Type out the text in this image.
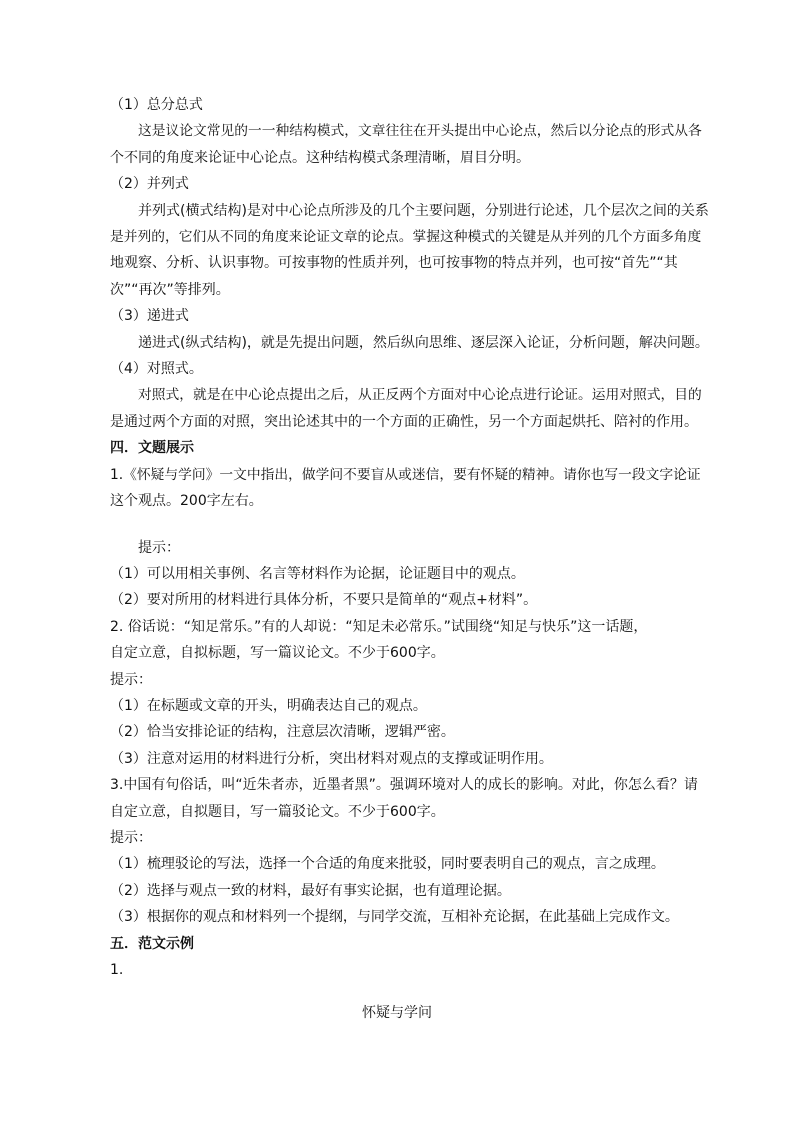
（1）总分总式

这是议论文常见的一一种结构模式，文章往往在开头提出中心论点，然后以分论点的形式从各

个不同的角度来论证中心论点。这种结构模式条理清晰，眉目分明。

（2）并列式

并列式(横式结构)是对中心论点所涉及的几个主要问题，分别进行论述，几个层次之间的关系

是并列的，它们从不同的角度来论证文章的论点。掌握这种模式的关键是从并列的几个方面多角度

地观察、分析、认识事物。可按事物的性质并列，也可按事物的特点并列，也可按“首先”“其

次”“再次”等排列。

（3）递进式

递进式(纵式结构)，就是先提出问题，然后纵向思维、逐层深入论证，分析问题，解决问题。

（4）对照式。

对照式，就是在中心论点提出之后，从正反两个方面对中心论点进行论证。运用对照式，目的

是通过两个方面的对照，突出论述其中的一个方面的正确性，另一个方面起烘托、陪衬的作用。

四．文题展示

1.《怀疑与学问》一文中指出，做学问不要盲从或迷信，要有怀疑的精神。请你也写一段文字论证

这个观点。200字左右。

提示：

（1）可以用相关事例、名言等材料作为论据，论证题目中的观点。

（2）要对所用的材料进行具体分析，不要只是简单的“观点+材料”。

2. 俗话说：“知足常乐。”有的人却说：“知足未必常乐。”试围绕“知足与快乐”这一话题，

自定立意，自拟标题，写一篇议论文。不少于600字。

提示：

（1）在标题或文章的开头，明确表达自己的观点。

（2）恰当安排论证的结构，注意层次清晰，逻辑严密。

（3）注意对运用的材料进行分析，突出材料对观点的支撑或证明作用。

3.中国有句俗话，叫“近朱者赤，近墨者黑”。强调环境对人的成长的影响。对此，你怎么看？请

自定立意，自拟题目，写一篇驳论文。不少于600字。

提示：

（1）梳理驳论的写法，选择一个合适的角度来批驳，同时要表明自己的观点，言之成理。

（2）选择与观点一致的材料，最好有事实论据，也有道理论据。

（3）根据你的观点和材料列一个提纲，与同学交流，互相补充论据，在此基础上完成作文。

五．范文示例

1.

怀疑与学问
